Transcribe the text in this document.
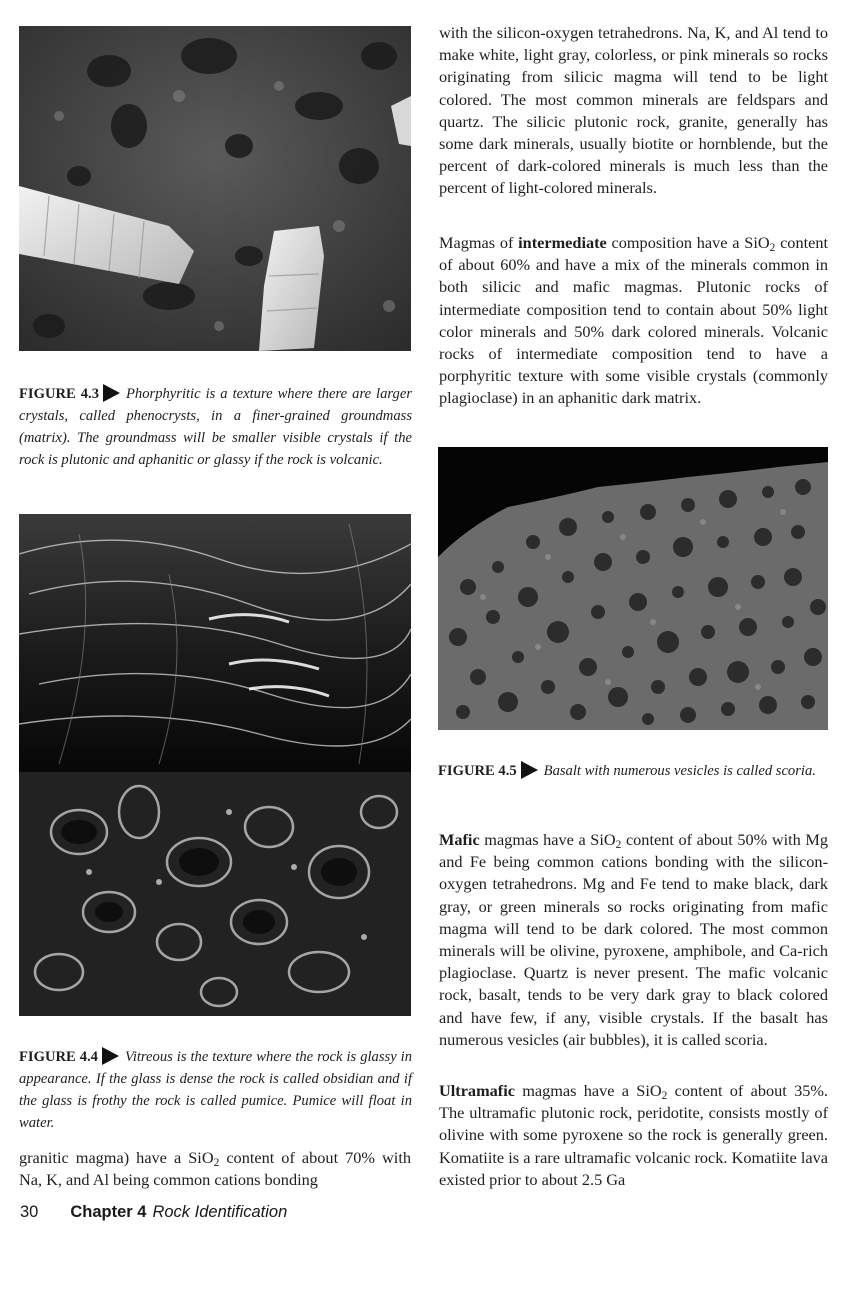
FIGURE 4.3 Phorphyritic is a texture where there are larger crystals, called phenocrysts, in a finer-grained groundmass (matrix). The groundmass will be smaller visible crystals if the rock is plutonic and aphanitic or glassy if the rock is volcanic.

FIGURE 4.4 Vitreous is the texture where the rock is glassy in appearance. If the glass is dense the rock is called obsidian and if the glass is frothy the rock is called pumice. Pumice will float in water.

granitic magma) have a SiO$_2$ content of about 70% with Na, K, and Al being common cations bonding

with the silicon-oxygen tetrahedrons. Na, K, and Al tend to make white, light gray, colorless, or pink minerals so rocks originating from silicic magma will tend to be light colored. The most common minerals are feldspars and quartz. The silicic plutonic rock, granite, generally has some dark minerals, usually biotite or hornblende, but the percent of dark-colored minerals is much less than the percent of light-colored minerals.

Magmas of intermediate composition have a SiO$_2$ content of about 60% and have a mix of the minerals common in both silicic and mafic magmas. Plutonic rocks of intermediate composition tend to contain about 50% light color minerals and 50% dark colored minerals. Volcanic rocks of intermediate composition tend to have a porphyritic texture with some visible crystals (commonly plagioclase) in an aphanitic dark matrix.

FIGURE 4.5 Basalt with numerous vesicles is called scoria.

Mafic magmas have a SiO$_2$ content of about 50% with Mg and Fe being common cations bonding with the silicon-oxygen tetrahedrons. Mg and Fe tend to make black, dark gray, or green minerals so rocks originating from mafic magma will tend to be dark colored. The most common minerals will be olivine, pyroxene, amphibole, and Ca-rich plagioclase. Quartz is never present. The mafic volcanic rock, basalt, tends to be very dark gray to black colored and have few, if any, visible crystals. If the basalt has numerous vesicles (air bubbles), it is called scoria.

Ultramafic magmas have a SiO$_2$ content of about 35%. The ultramafic plutonic rock, peridotite, consists mostly of olivine with some pyroxene so the rock is generally green. Komatiite is a rare ultramafic volcanic rock. Komatiite lava existed prior to about 2.5 Ga

30 Chapter 4 Rock Identification
